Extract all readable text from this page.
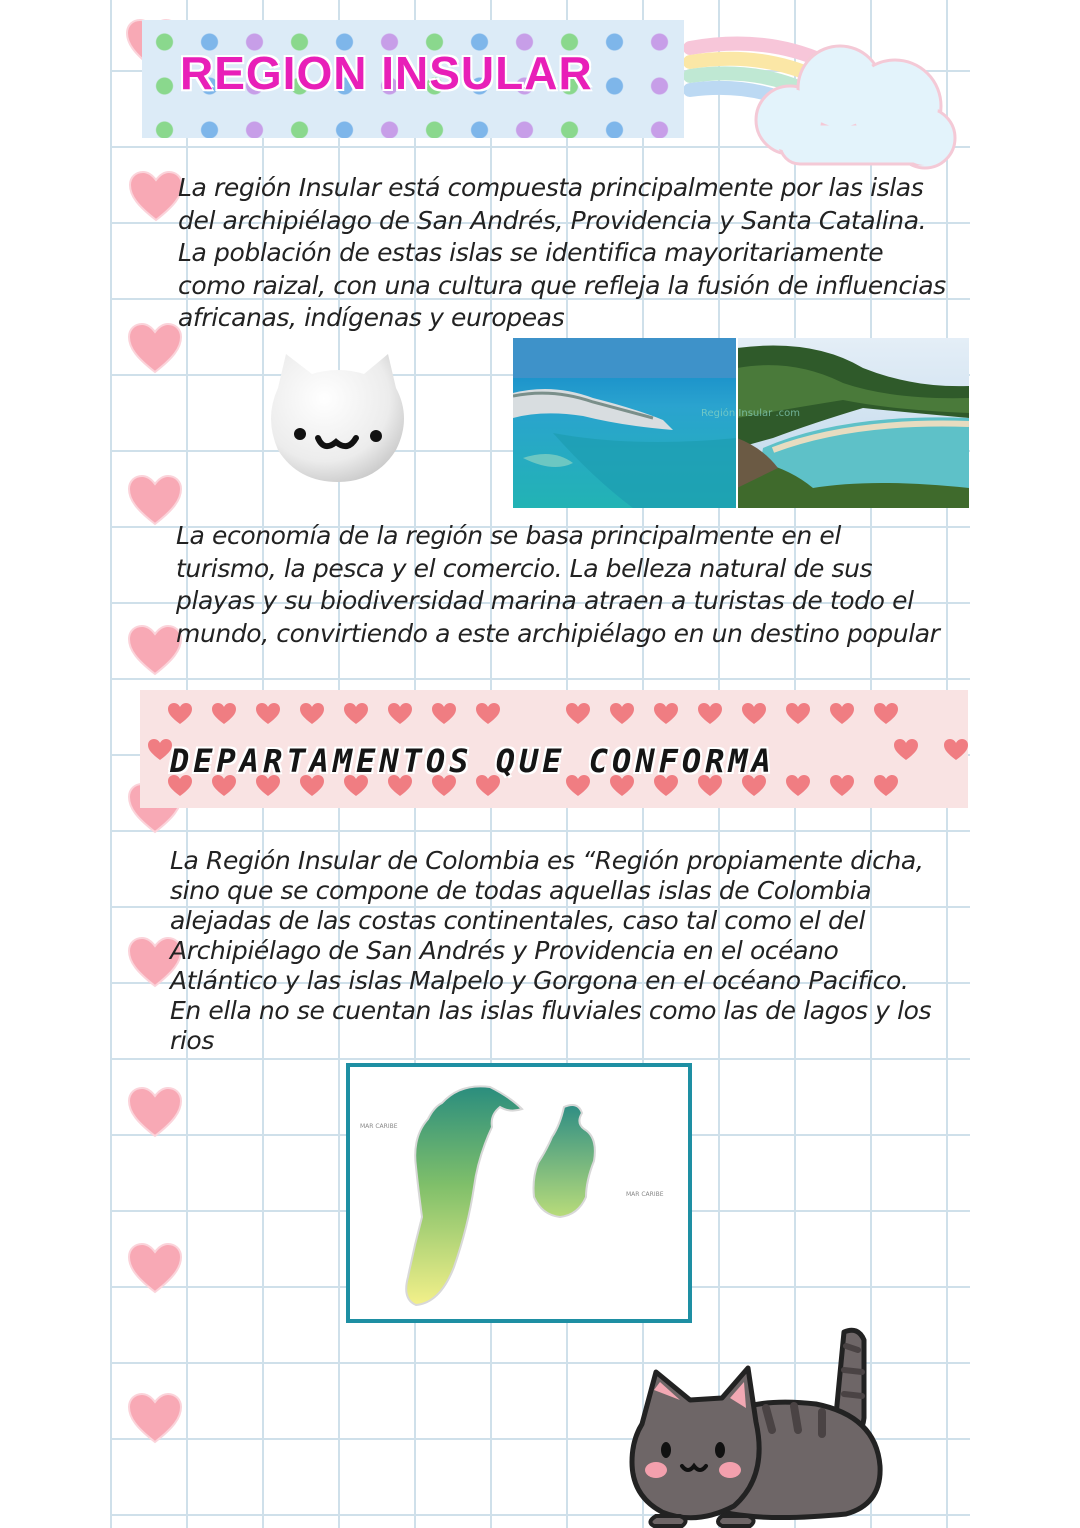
REGION INSULAR

La región Insular está compuesta principalmente por las islas del archipiélago de San Andrés, Providencia y Santa Catalina. La población de estas islas se identifica mayoritariamente como raizal, con una cultura que refleja la fusión de influencias africanas, indígenas y europeas

Región Insular .com

La economía de la región se basa principalmente en el turismo, la pesca y el comercio. La belleza natural de sus playas y su biodiversidad marina atraen a turistas de todo el mundo, convirtiendo a este archipiélago en un destino popular

DEPARTAMENTOS QUE CONFORMA

La Región Insular de Colombia es “Región propiamente dicha, sino que se compone de todas aquellas islas de Colombia alejadas de las costas continentales, caso tal como el del Archipiélago de San Andrés y Providencia en el océano Atlántico y las islas Malpelo y Gorgona en el océano Pacifico. En ella no se cuentan las islas fluviales como las de lagos y los rios

MAR CARIBE
MAR CARIBE
